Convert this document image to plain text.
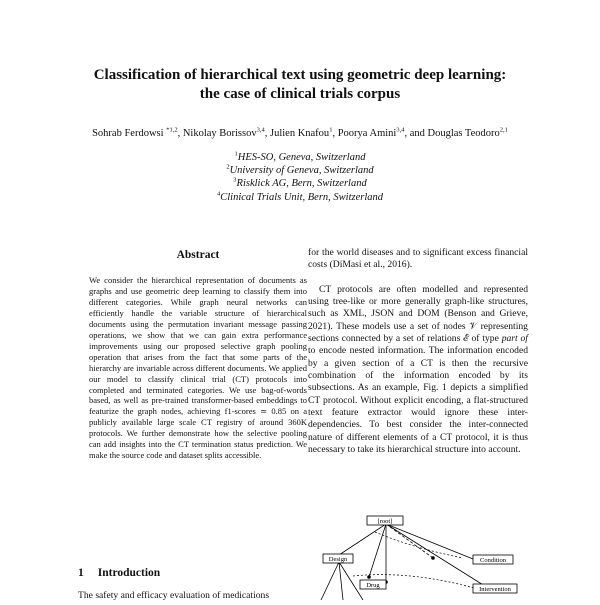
Classification of hierarchical text using geometric deep learning:
the case of clinical trials corpus
Sohrab Ferdowsi $^{*1,2}$, Nikolay Borissov$^{3,4}$, Julien Knafou$^1$, Poorya Amini$^{3,4}$, and Douglas Teodoro$^{2,1}$
$^1$HES-SO, Geneva, Switzerland
$^2$University of Geneva, Switzerland
$^3$Risklick AG, Bern, Switzerland
$^4$Clinical Trials Unit, Bern, Switzerland
Abstract
We consider the hierarchical representation of documents as graphs and use geometric deep learning to classify them into different categories. While graph neural networks can efficiently handle the variable structure of hierarchical documents using the permutation invariant message passing operations, we show that we can gain extra performance improvements using our proposed selective graph pooling operation that arises from the fact that some parts of the hierarchy are invariable across different documents. We applied our model to classify clinical trial (CT) protocols into completed and terminated categories. We use bag-of-words based, as well as pre-trained transformer-based embeddings to featurize the graph nodes, achieving f1-scores ≃ 0.85 on a publicly available large scale CT registry of around 360K protocols. We further demonstrate how the selective pooling can add insights into the CT termination status prediction. We make the source code and dataset splits accessible.
1 Introduction
The safety and efficacy evaluation of medications

for the world diseases and to significant excess financial costs (DiMasi et al., 2016).

CT protocols are often modelled and represented using tree-like or more generally graph-like structures, such as XML, JSON and DOM (Benson and Grieve, 2021). These models use a set of nodes 𝒱 representing sections connected by a set of relations ℰ of type part of to encode nested information. The information encoded by a given section of a CT is then the recursive combination of the information encoded by its subsections. As an example, Fig. 1 depicts a simplified CT protocol. Without explicit encoding, a flat-structured text feature extractor would ignore these inter-dependencies. To best consider the inter-connected nature of different elements of a CT protocol, it is thus necessary to take its hierarchical structure into account.

[root]
Design	Condition
Intervention
Drug
